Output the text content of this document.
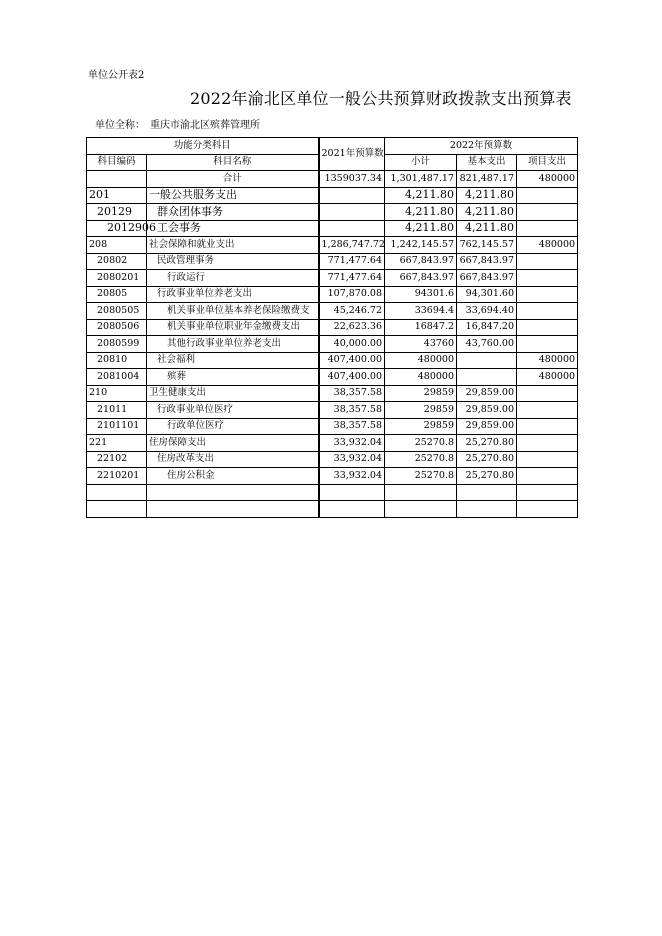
单位公开表2
2022年渝北区单位一般公共预算财政拨款支出预算表
单位全称： 重庆市渝北区殡葬管理所
功能分类科目		2021年预算数	2022年预算数		
科目编码	科目名称		小计	基本支出	项目支出
	合计	1359037.34	1,301,487.17	821,487.17	480000
201	一般公共服务支出		4,211.80	4,211.80	
20129	群众团体事务		4,211.80	4,211.80	
2012906	工会事务		4,211.80	4,211.80	
208	社会保障和就业支出	1,286,747.72	1,242,145.57	762,145.57	480000
20802	民政管理事务	771,477.64	667,843.97	667,843.97	
2080201	行政运行	771,477.64	667,843.97	667,843.97	
20805	行政事业单位养老支出	107,870.08	94301.6	94,301.60	
2080505	机关事业单位基本养老保险缴费支	45,246.72	33694.4	33,694.40	
2080506	机关事业单位职业年金缴费支出	22,623.36	16847.2	16,847.20	
2080599	其他行政事业单位养老支出	40,000.00	43760	43,760.00	
20810	社会福利	407,400.00	480000		480000
2081004	殡葬	407,400.00	480000		480000
210	卫生健康支出	38,357.58	29859	29,859.00	
21011	行政事业单位医疗	38,357.58	29859	29,859.00	
2101101	行政单位医疗	38,357.58	29859	29,859.00	
221	住房保障支出	33,932.04	25270.8	25,270.80	
22102	住房改革支出	33,932.04	25270.8	25,270.80	
2210201	住房公积金	33,932.04	25270.8	25,270.80	
